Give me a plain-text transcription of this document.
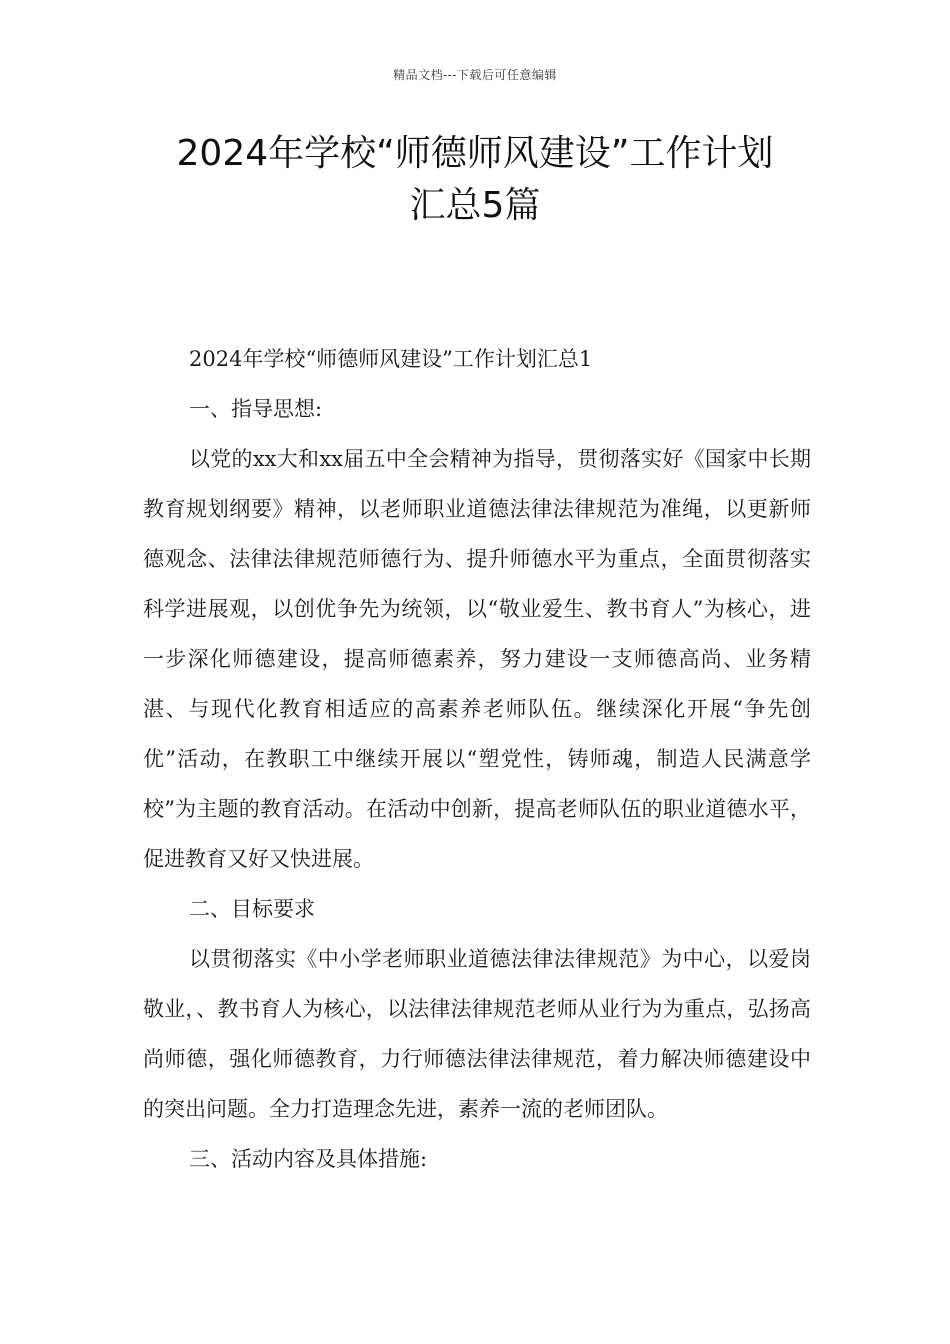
精品文档---下载后可任意编辑
2024年学校“师德师风建设”工作计划
汇总5篇

2024年学校“师德师风建设”工作计划汇总1

一、指导思想:

以党的xx大和xx届五中全会精神为指导，贯彻落实好《国家中长期教育规划纲要》精神，以老师职业道德法律法律规范为准绳，以更新师德观念、法律法律规范师德行为、提升师德水平为重点，全面贯彻落实科学进展观，以创优争先为统领，以“敬业爱生、教书育人”为核心，进一步深化师德建设，提高师德素养，努力建设一支师德高尚、业务精湛、与现代化教育相适应的高素养老师队伍。继续深化开展“争先创优”活动，在教职工中继续开展以“塑党性，铸师魂，制造人民满意学校”为主题的教育活动。在活动中创新，提高老师队伍的职业道德水平，促进教育又好又快进展。

二、目标要求

以贯彻落实《中小学老师职业道德法律法律规范》为中心，以爱岗敬业，、教书育人为核心，以法律法律规范老师从业行为为重点，弘扬高尚师德，强化师德教育，力行师德法律法律规范，着力解决师德建设中的突出问题。全力打造理念先进，素养一流的老师团队。

三、活动内容及具体措施:
